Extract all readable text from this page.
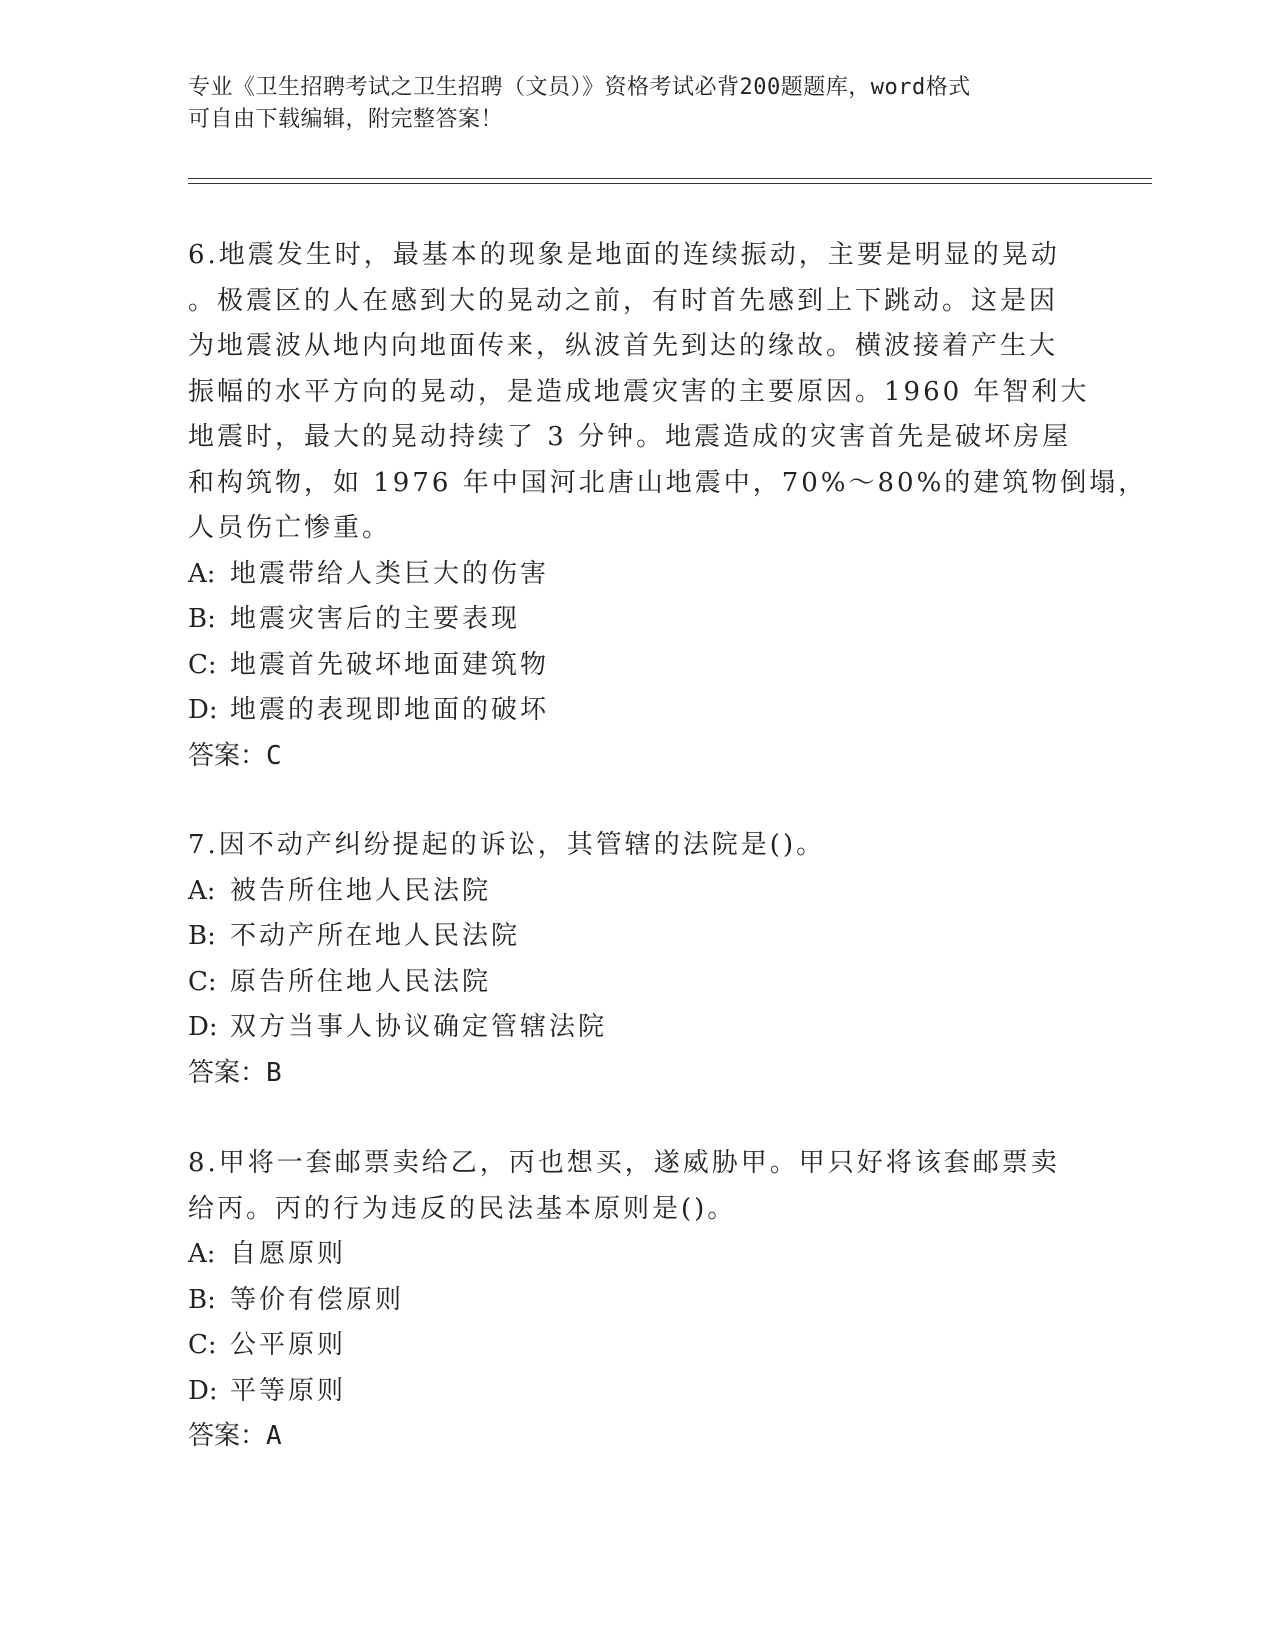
专业《卫生招聘考试之卫生招聘（文员）》资格考试必背200题题库，word格式
可自由下载编辑，附完整答案！
6.地震发生时，最基本的现象是地面的连续振动，主要是明显的晃动
。极震区的人在感到大的晃动之前，有时首先感到上下跳动。这是因
为地震波从地内向地面传来，纵波首先到达的缘故。横波接着产生大
振幅的水平方向的晃动，是造成地震灾害的主要原因。1960 年智利大
地震时，最大的晃动持续了 3 分钟。地震造成的灾害首先是破坏房屋
和构筑物，如 1976 年中国河北唐山地震中，70%～80%的建筑物倒塌，
人员伤亡惨重。
A: 地震带给人类巨大的伤害
B: 地震灾害后的主要表现
C: 地震首先破坏地面建筑物
D: 地震的表现即地面的破坏
答案：C
7.因不动产纠纷提起的诉讼，其管辖的法院是()。
A: 被告所住地人民法院
B: 不动产所在地人民法院
C: 原告所住地人民法院
D: 双方当事人协议确定管辖法院
答案：B
8.甲将一套邮票卖给乙，丙也想买，遂威胁甲。甲只好将该套邮票卖
给丙。丙的行为违反的民法基本原则是()。
A: 自愿原则
B: 等价有偿原则
C: 公平原则
D: 平等原则
答案：A
